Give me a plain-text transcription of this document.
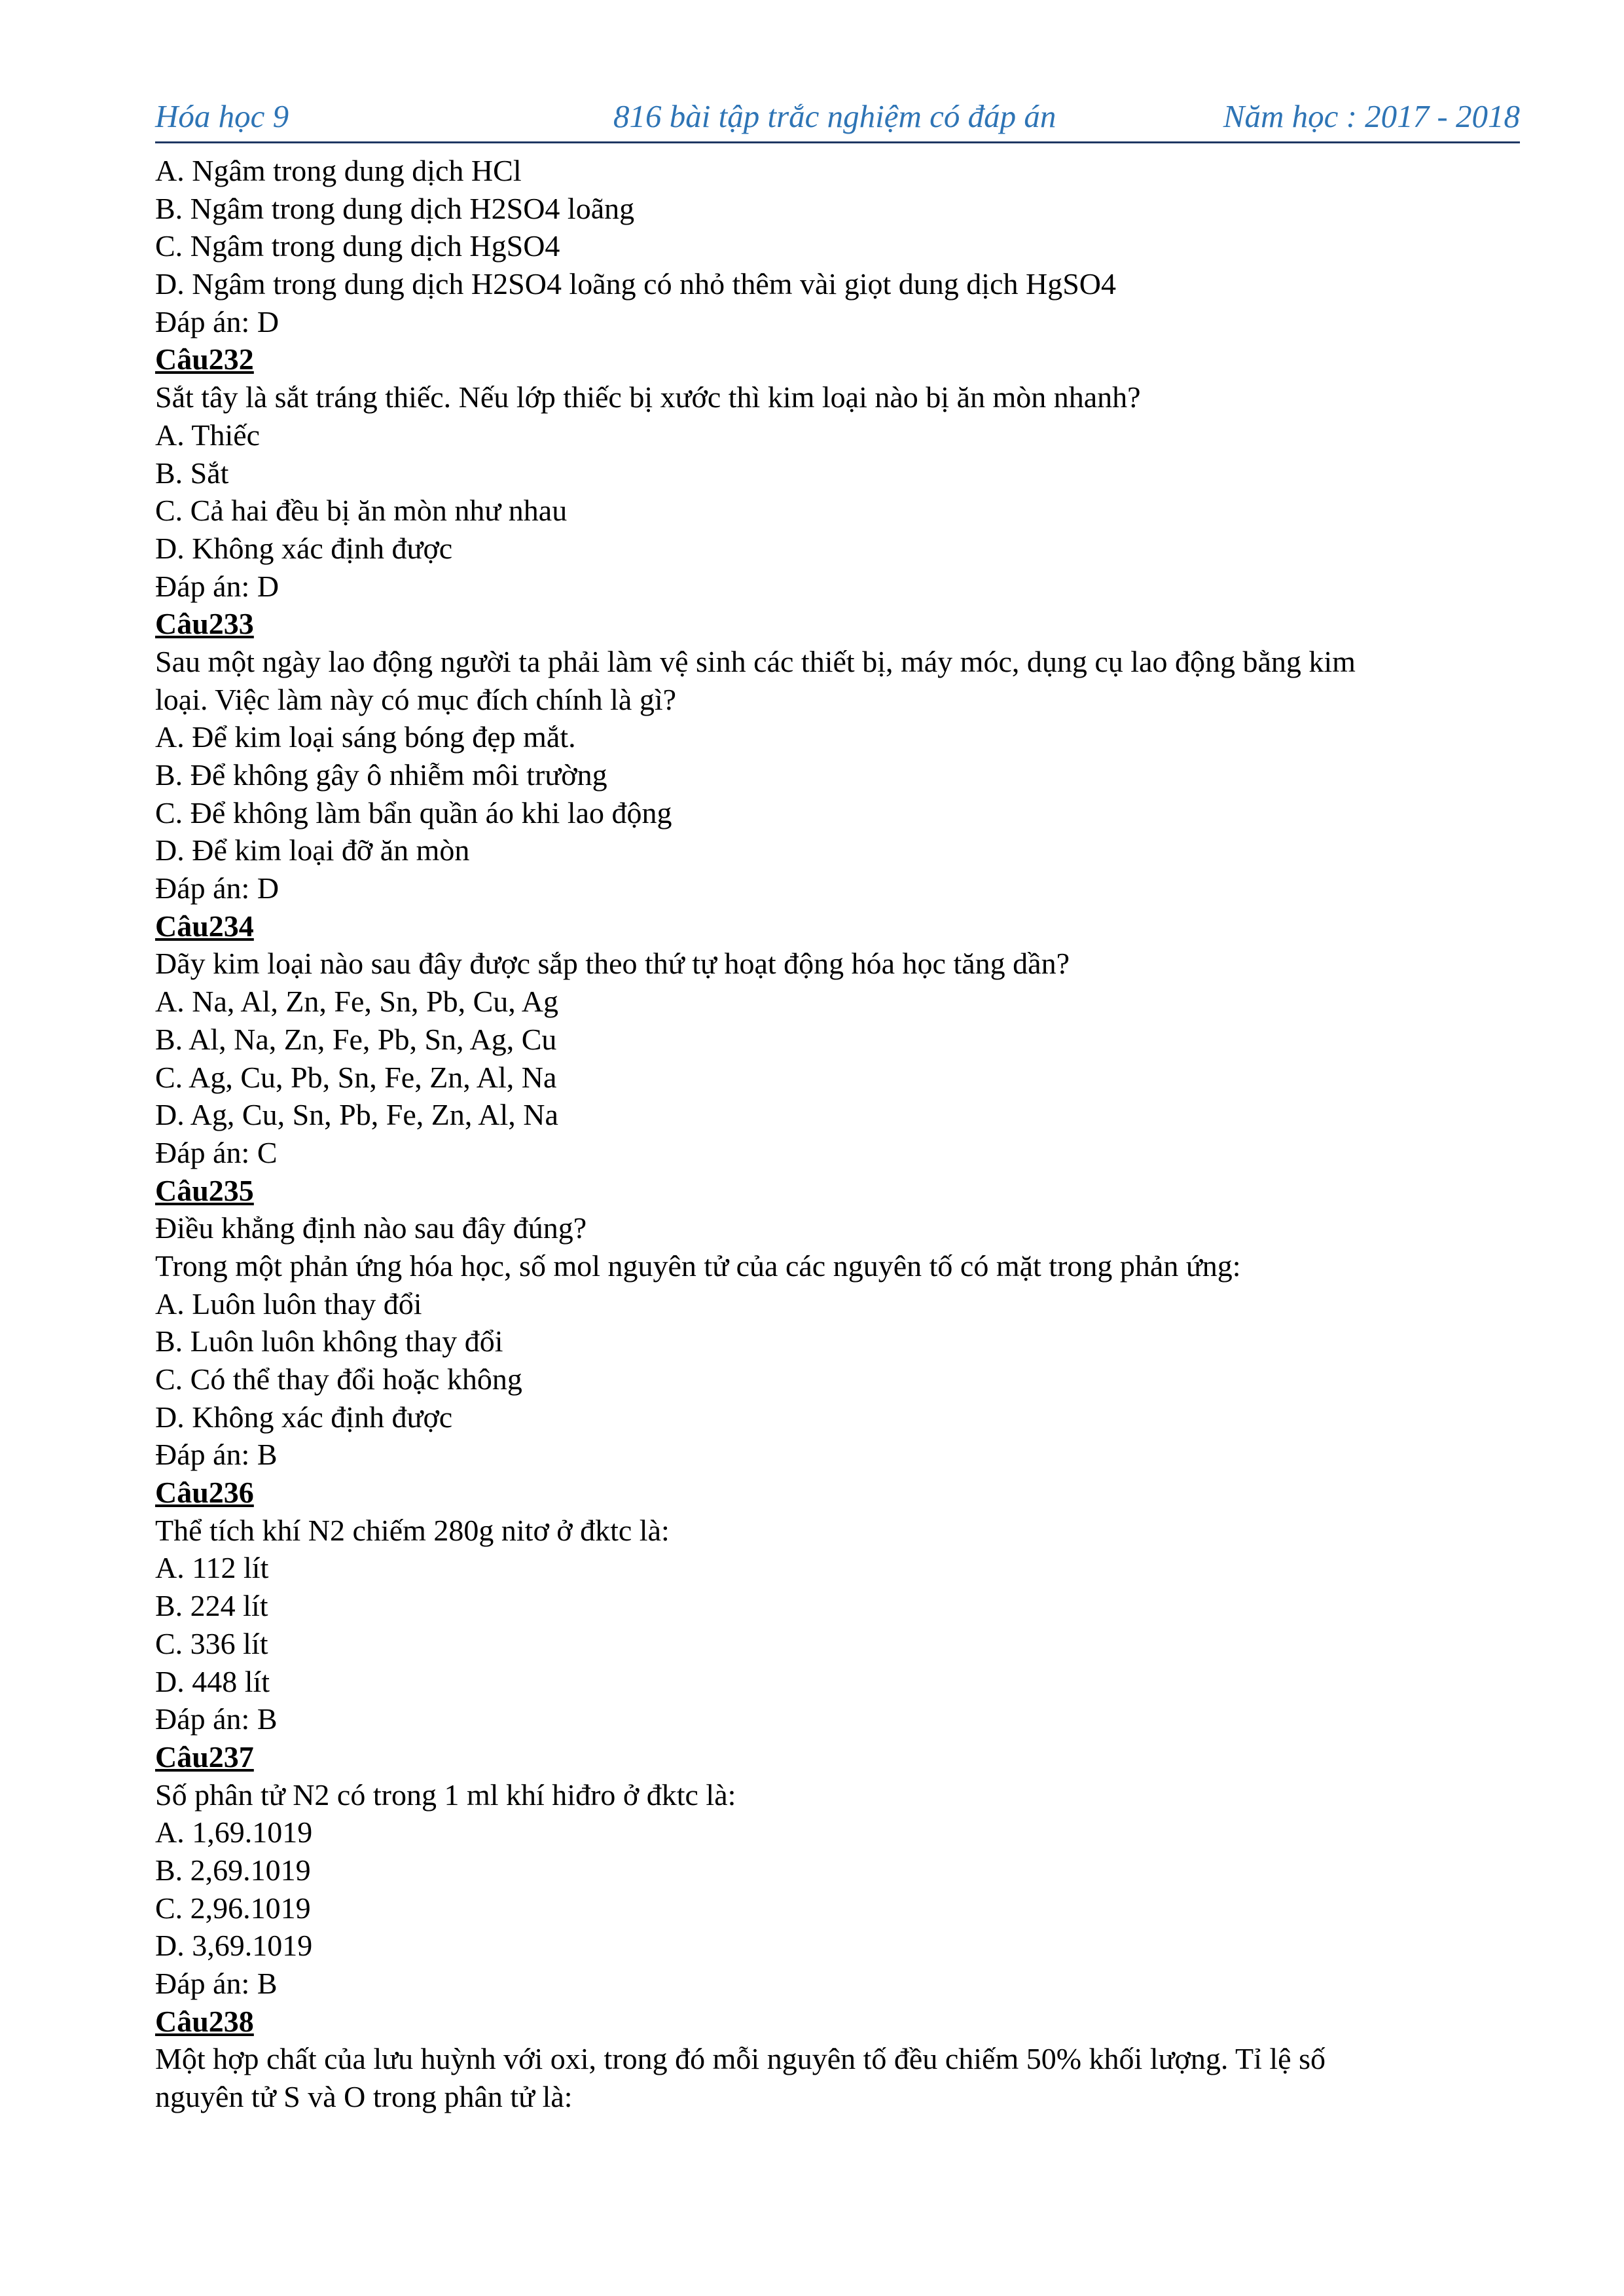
Hóa học 9	816 bài tập trắc nghiệm có đáp án	Năm học : 2017 - 2018
A. Ngâm trong dung dịch HCl
B. Ngâm trong dung dịch H2SO4 loãng
C. Ngâm trong dung dịch HgSO4
D. Ngâm trong dung dịch H2SO4 loãng có nhỏ thêm vài giọt dung dịch HgSO4
Đáp án: D
Câu232
Sắt tây là sắt tráng thiếc. Nếu lớp thiếc bị xước thì kim loại nào bị ăn mòn nhanh?
A. Thiếc
B. Sắt
C. Cả hai đều bị ăn mòn như nhau
D. Không xác định được
Đáp án: D
Câu233
Sau một ngày lao động người ta phải làm vệ sinh các thiết bị, máy móc, dụng cụ lao động bằng kim
loại. Việc làm này có mục đích chính là gì?
A. Để kim loại sáng bóng đẹp mắt.
B. Để không gây ô nhiễm môi trường
C. Để không làm bẩn quần áo khi lao động
D. Để kim loại đỡ ăn mòn
Đáp án: D
Câu234
Dãy kim loại nào sau đây được sắp theo thứ tự hoạt động hóa học tăng dần?
A. Na, Al, Zn, Fe, Sn, Pb, Cu, Ag
B. Al, Na, Zn, Fe, Pb, Sn, Ag, Cu
C. Ag, Cu, Pb, Sn, Fe, Zn, Al, Na
D. Ag, Cu, Sn, Pb, Fe, Zn, Al, Na
Đáp án: C
Câu235
Điều khẳng định nào sau đây đúng?
Trong một phản ứng hóa học, số mol nguyên tử của các nguyên tố có mặt trong phản ứng:
A. Luôn luôn thay đổi
B. Luôn luôn không thay đổi
C. Có thể thay đổi hoặc không
D. Không xác định được
Đáp án: B
Câu236
Thể tích khí N2 chiếm 280g nitơ ở đktc là:
A. 112 lít
B. 224 lít
C. 336 lít
D. 448 lít
Đáp án: B
Câu237
Số phân tử N2 có trong 1 ml khí hiđro ở đktc là:
A. 1,69.1019
B. 2,69.1019
C. 2,96.1019
D. 3,69.1019
Đáp án: B
Câu238
Một hợp chất của lưu huỳnh với oxi, trong đó mỗi nguyên tố đều chiếm 50% khối lượng. Tỉ lệ số
nguyên tử S và O trong phân tử là:
